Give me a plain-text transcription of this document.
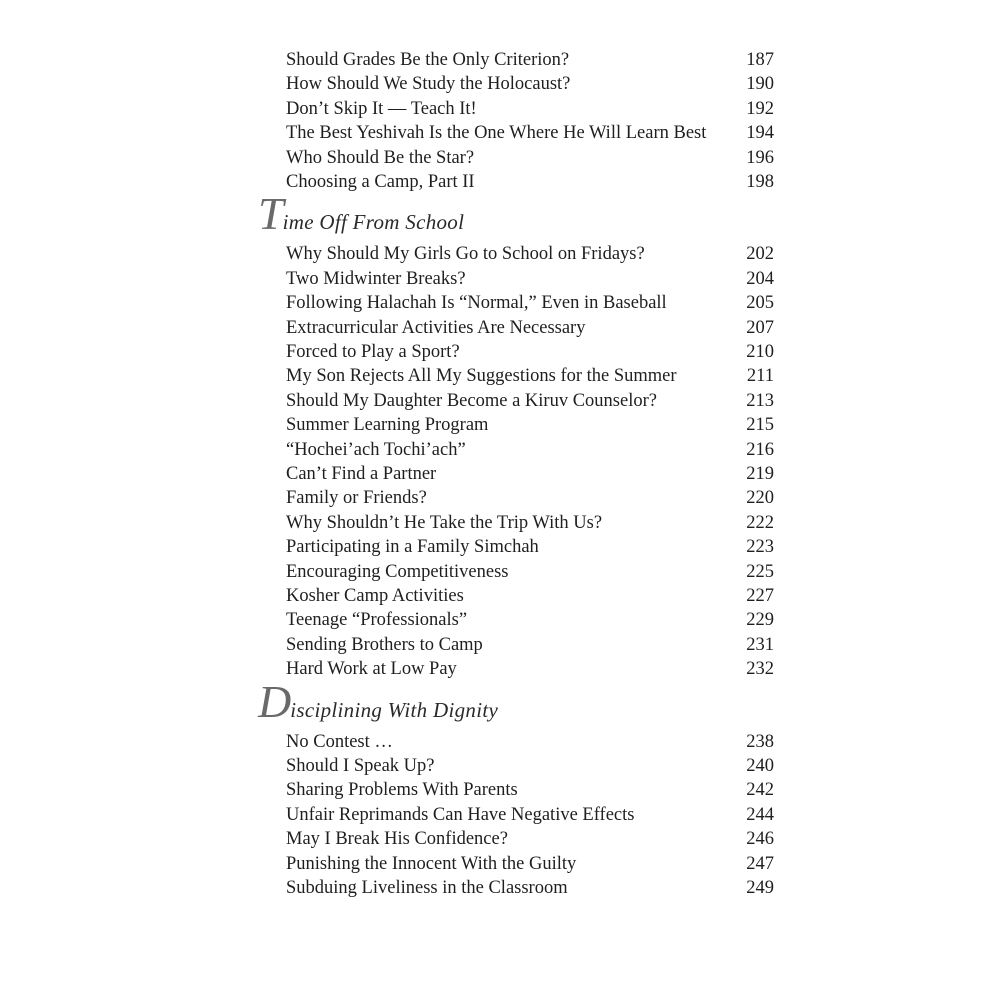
Should Grades Be the Only Criterion?	187
How Should We Study the Holocaust?	190
Don’t Skip It — Teach It!	192
The Best Yeshivah Is the One Where He Will Learn Best 194
Who Should Be the Star?	196
Choosing a Camp, Part II	198
Time Off From School
Why Should My Girls Go to School on Fridays?	202
Two Midwinter Breaks?	204
Following Halachah Is “Normal,” Even in Baseball	205
Extracurricular Activities Are Necessary	207
Forced to Play a Sport?	210
My Son Rejects All My Suggestions for the Summer	211
Should My Daughter Become a Kiruv Counselor?	213
Summer Learning Program	215
“Hochei’ach Tochi’ach”	216
Can’t Find a Partner	219
Family or Friends?	220
Why Shouldn’t He Take the Trip With Us?	222
Participating in a Family Simchah	223
Encouraging Competitiveness	225
Kosher Camp Activities	227
Teenage “Professionals”	229
Sending Brothers to Camp	231
Hard Work at Low Pay	232
Disciplining With Dignity
No Contest …	238
Should I Speak Up?	240
Sharing Problems With Parents	242
Unfair Reprimands Can Have Negative Effects	244
May I Break His Confidence?	246
Punishing the Innocent With the Guilty	247
Subduing Liveliness in the Classroom	249
